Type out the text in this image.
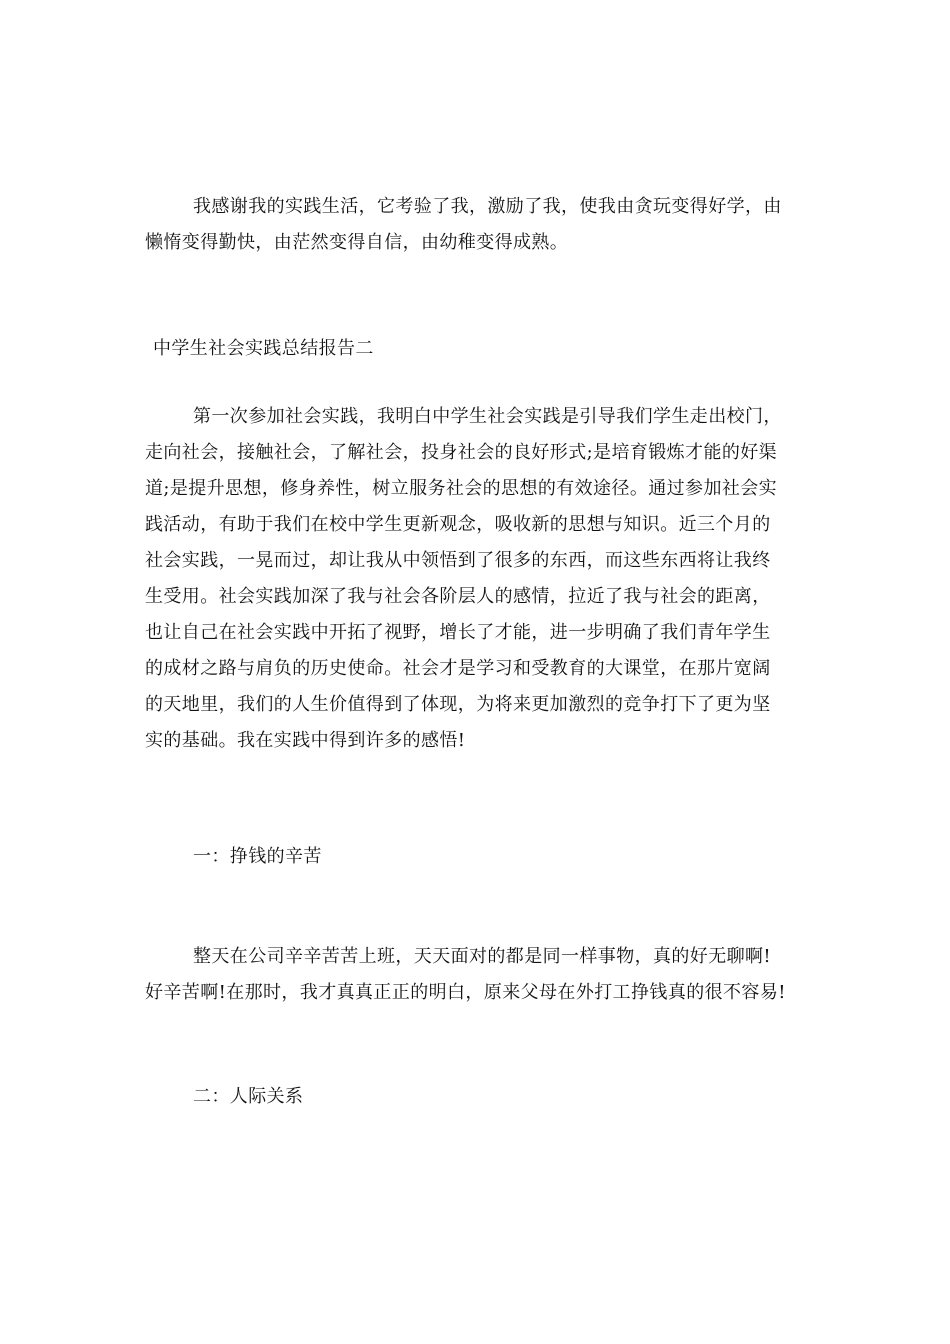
我感谢我的实践生活，它考验了我，激励了我，使我由贪玩变得好学，由
懒惰变得勤快，由茫然变得自信，由幼稚变得成熟。
中学生社会实践总结报告二
第一次参加社会实践，我明白中学生社会实践是引导我们学生走出校门，
走向社会，接触社会，了解社会，投身社会的良好形式;是培育锻炼才能的好渠
道;是提升思想，修身养性，树立服务社会的思想的有效途径。通过参加社会实
践活动，有助于我们在校中学生更新观念，吸收新的思想与知识。近三个月的
社会实践，一晃而过，却让我从中领悟到了很多的东西，而这些东西将让我终
生受用。社会实践加深了我与社会各阶层人的感情，拉近了我与社会的距离，
也让自己在社会实践中开拓了视野，增长了才能，进一步明确了我们青年学生
的成材之路与肩负的历史使命。社会才是学习和受教育的大课堂，在那片宽阔
的天地里，我们的人生价值得到了体现，为将来更加激烈的竞争打下了更为坚
实的基础。我在实践中得到许多的感悟!
一：挣钱的辛苦
整天在公司辛辛苦苦上班，天天面对的都是同一样事物，真的好无聊啊!
好辛苦啊!在那时，我才真真正正的明白，原来父母在外打工挣钱真的很不容易!
二：人际关系
